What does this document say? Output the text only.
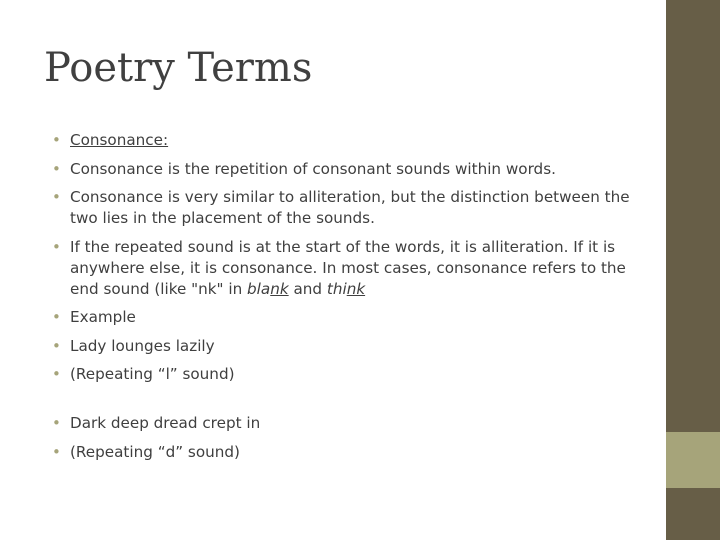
Poetry Terms
• Consonance:
• Consonance is the repetition of consonant sounds within words.
• Consonance is very similar to alliteration, but the distinction between the two lies in the placement of the sounds.
• If the repeated sound is at the start of the words, it is alliteration. If it is anywhere else, it is consonance. In most cases, consonance refers to the end sound (like "nk" in blank and think
• Example
• Lady lounges lazily
• (Repeating “l” sound)
• Dark deep dread crept in
• (Repeating “d” sound)
